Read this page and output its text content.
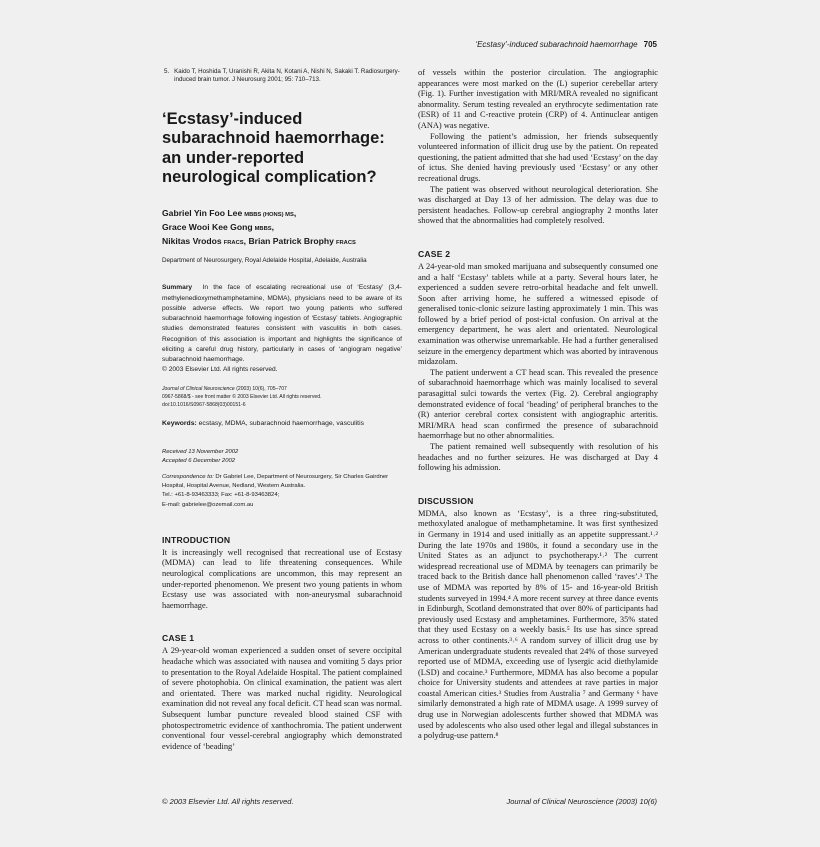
‘Ecstasy’-induced subarachnoid haemorrhage 705
5. Kaido T, Hoshida T, Uranishi R, Akita N, Kotani A, Nishi N, Sakaki T. Radiosurgery-induced brain tumor. J Neurosurg 2001; 95: 710–713.
‘Ecstasy’-induced subarachnoid haemorrhage: an under-reported neurological complication?
Gabriel Yin Foo Lee MBBS (HONS) MS,
Grace Wooi Kee Gong MBBS,
Nikitas Vrodos FRACS, Brian Patrick Brophy FRACS
Department of Neurosurgery, Royal Adelaide Hospital, Adelaide, Australia
Summary In the face of escalating recreational use of ‘Ecstasy’ (3,4-methylenedioxymethamphetamine, MDMA), physicians need to be aware of its possible adverse effects. We report two young patients who suffered subarachnoid haemorrhage following ingestion of ‘Ecstasy’ tablets. Angiographic studies demonstrated features consistent with vasculitis in both cases. Recognition of this association is important and highlights the significance of eliciting a careful drug history, particularly in cases of ‘angiogram negative’ subarachnoid haemorrhage.
© 2003 Elsevier Ltd. All rights reserved.
Journal of Clinical Neuroscience (2003) 10(6), 705–707
0967-5868/$ - see front matter © 2003 Elsevier Ltd. All rights reserved.
doi:10.1016/S0967-5868(03)00151-6
Keywords: ecstasy, MDMA, subarachnoid haemorrhage, vasculitis
Received 13 November 2002
Accepted 6 December 2002
Correspondence to: Dr Gabriel Lee, Department of Neurosurgery, Sir Charles Gairdner Hospital, Hospital Avenue, Nedland, Western Australia.
Tel.: +61-8-93463333; Fax: +61-8-93463824;
E-mail: gabrielee@ozemail.com.au
INTRODUCTION

It is increasingly well recognised that recreational use of Ecstasy (MDMA) can lead to life threatening consequences. While neurological complications are uncommon, this may represent an under-reported phenomenon. We present two young patients in whom Ecstasy use was associated with non-aneurysmal subarachnoid haemorrhage.

CASE 1

A 29-year-old woman experienced a sudden onset of severe occipital headache which was associated with nausea and vomiting 5 days prior to presentation to the Royal Adelaide Hospital. The patient complained of severe photophobia. On clinical examination, the patient was alert and orientated. There was marked nuchal rigidity. Neurological examination did not reveal any focal deficit. CT head scan was normal. Subsequent lumbar puncture revealed blood stained CSF with photospectrometric evidence of xanthochromia. The patient underwent conventional four vessel-cerebral angiography which demonstrated evidence of ‘beading’

of vessels within the posterior circulation. The angiographic appearances were most marked on the (L) superior cerebellar artery (Fig. 1). Further investigation with MRI/MRA revealed no significant abnormality. Serum testing revealed an erythrocyte sedimentation rate (ESR) of 11 and C-reactive protein (CRP) of 4. Antinuclear antigen (ANA) was negative.

Following the patient’s admission, her friends subsequently volunteered information of illicit drug use by the patient. On repeated questioning, the patient admitted that she had used ‘Ecstasy’ on the day of ictus. She denied having previously used ‘Ecstasy’ or any other recreational drugs.

The patient was observed without neurological deterioration. She was discharged at Day 13 of her admission. The delay was due to persistent headaches. Follow-up cerebral angiography 2 months later showed that the abnormalities had completely resolved.

CASE 2

A 24-year-old man smoked marijuana and subsequently consumed one and a half ‘Ecstasy’ tablets while at a party. Several hours later, he experienced a sudden severe retro-orbital headache and felt unwell. Soon after arriving home, he suffered a witnessed episode of generalised tonic-clonic seizure lasting approximately 1 min. This was followed by a brief period of post-ictal confusion. On arrival at the emergency department, he was alert and orientated. Neurological examination was otherwise unremarkable. He had a further generalised seizure in the emergency department which was aborted by intravenous midazolam.

The patient underwent a CT head scan. This revealed the presence of subarachnoid haemorrhage which was mainly localised to several parasagittal sulci towards the vertex (Fig. 2). Cerebral angiography demonstrated evidence of focal ‘beading’ of peripheral branches to the (R) anterior cerebral cortex consistent with angiographic arteritis. MRI/MRA head scan confirmed the presence of subarachnoid haemorrhage but no other abnormalities.

The patient remained well subsequently with resolution of his headaches and no further seizures. He was discharged at Day 4 following his admission.

DISCUSSION

MDMA, also known as ‘Ecstasy’, is a three ring-substituted, methoxylated analogue of methamphetamine. It was first synthesized in Germany in 1914 and used initially as an appetite suppressant.¹˒² During the late 1970s and 1980s, it found a secondary use in the United States as an adjunct to psychotherapy.¹˒² The current widespread recreational use of MDMA by teenagers can primarily be traced back to the British dance hall phenomenon called ‘raves’.³ The use of MDMA was reported by 8% of 15- and 16-year-old British students surveyed in 1994.⁴ A more recent survey at three dance events in Edinburgh, Scotland demonstrated that over 80% of participants had previously used Ecstasy and amphetamines. Furthermore, 35% stated that they used Ecstasy on a weekly basis.⁵ Its use has since spread across to other continents.³˒⁶ A random survey of illicit drug use by American undergraduate students revealed that 24% of those surveyed reported use of MDMA, exceeding use of lysergic acid diethylamide (LSD) and cocaine.³ Furthermore, MDMA has also become a popular choice for University students and attendees at rave parties in major coastal American cities.³ Studies from Australia ⁷ and Germany ⁶ have similarly demonstrated a high rate of MDMA usage. A 1999 survey of drug use in Norwegian adolescents further showed that MDMA was used by adolescents who also used other legal and illegal substances in a polydrug-use pattern.⁸

© 2003 Elsevier Ltd. All rights reserved.	Journal of Clinical Neuroscience (2003) 10(6)
